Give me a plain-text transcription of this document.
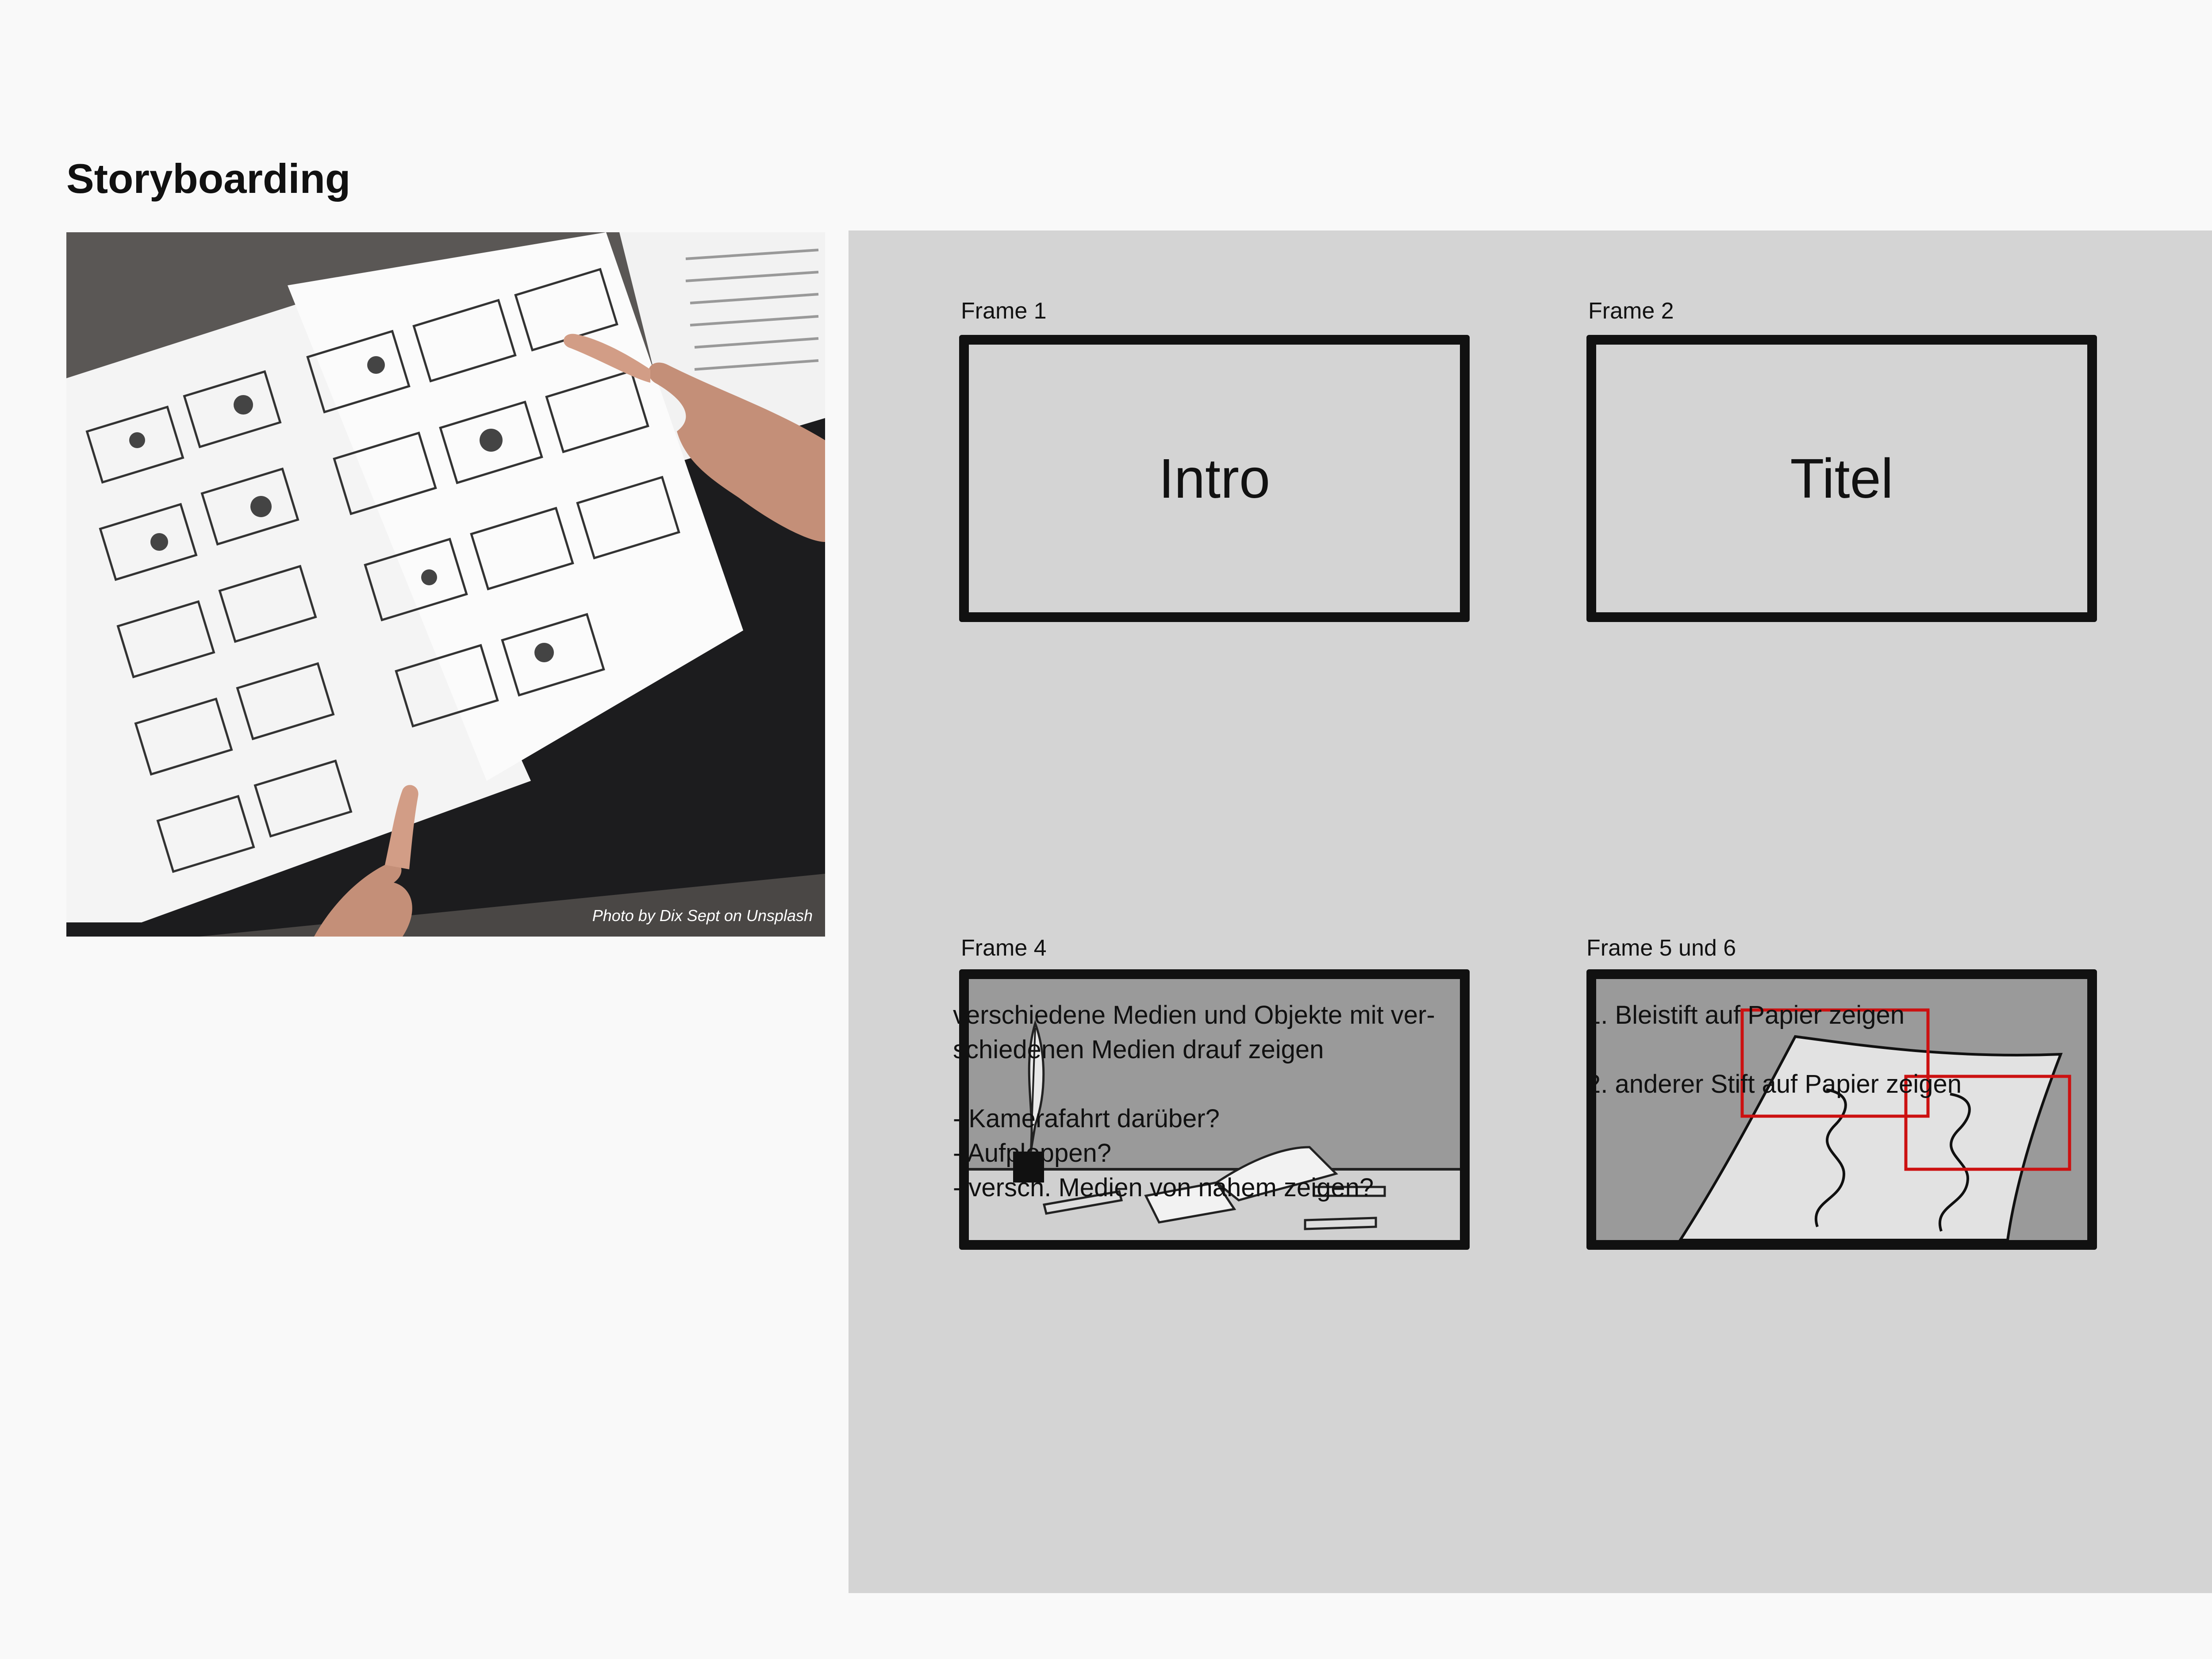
Storyboarding
Photo by Dix Sept on Unsplash
Frame 1
Intro
Frame 2
Titel
Frame 4
verschiedene Medien und Objekte mit ver-
schiedenen Medien drauf zeigen

- Kamerafahrt darüber?
- Aufploppen?
- versch. Medien von nahem zeigen?
Frame 5 und 6
1. Bleistift auf Papier zeigen

2. anderer Stift auf Papier zeigen
